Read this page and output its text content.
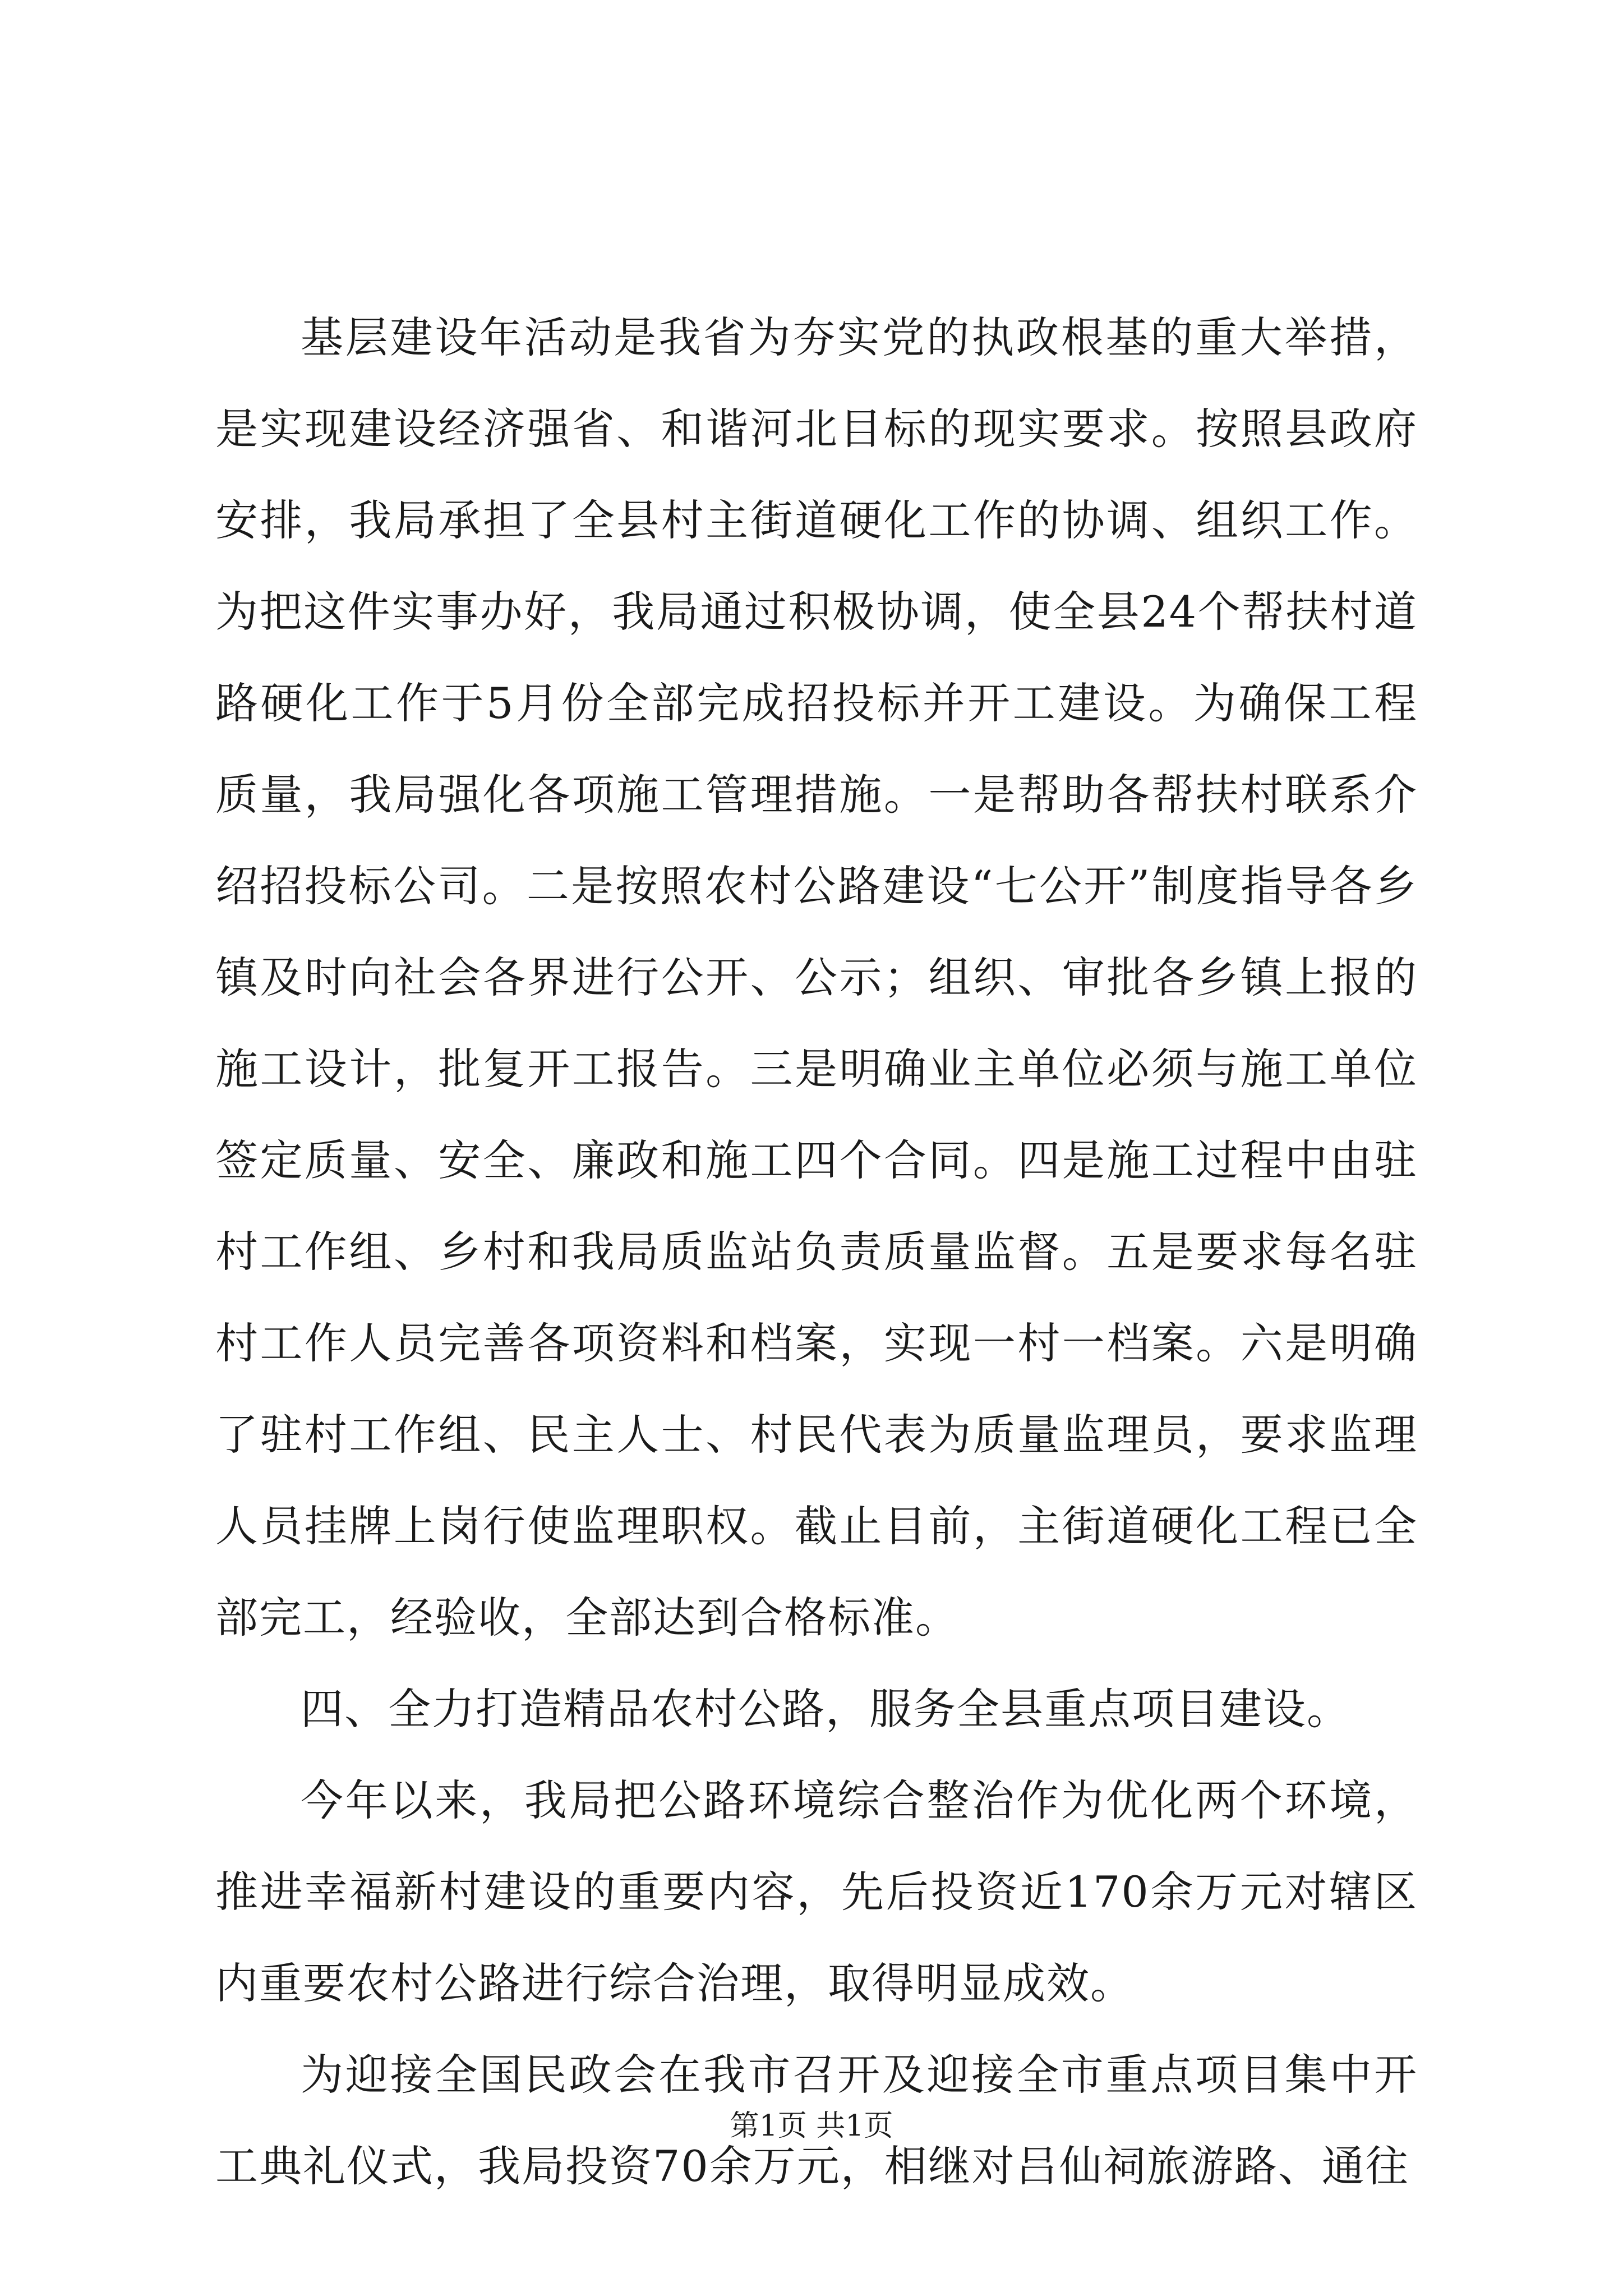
基层建设年活动是我省为夯实党的执政根基的重大举措，是实现建设经济强省、和谐河北目标的现实要求。按照县政府安排，我局承担了全县村主街道硬化工作的协调、组织工作。为把这件实事办好，我局通过积极协调，使全县24个帮扶村道路硬化工作于5月份全部完成招投标并开工建设。为确保工程质量，我局强化各项施工管理措施。一是帮助各帮扶村联系介绍招投标公司。二是按照农村公路建设“七公开”制度指导各乡镇及时向社会各界进行公开、公示；组织、审批各乡镇上报的施工设计，批复开工报告。三是明确业主单位必须与施工单位签定质量、安全、廉政和施工四个合同。四是施工过程中由驻村工作组、乡村和我局质监站负责质量监督。五是要求每名驻村工作人员完善各项资料和档案，实现一村一档案。六是明确了驻村工作组、民主人士、村民代表为质量监理员，要求监理人员挂牌上岗行使监理职权。截止目前，主街道硬化工程已全部完工，经验收，全部达到合格标准。

四、全力打造精品农村公路，服务全县重点项目建设。

今年以来，我局把公路环境综合整治作为优化两个环境，推进幸福新村建设的重要内容，先后投资近170余万元对辖区内重要农村公路进行综合治理，取得明显成效。

为迎接全国民政会在我市召开及迎接全市重点项目集中开工典礼仪式，我局投资70余万元，相继对吕仙祠旅游路、通往

第1页 共1页
